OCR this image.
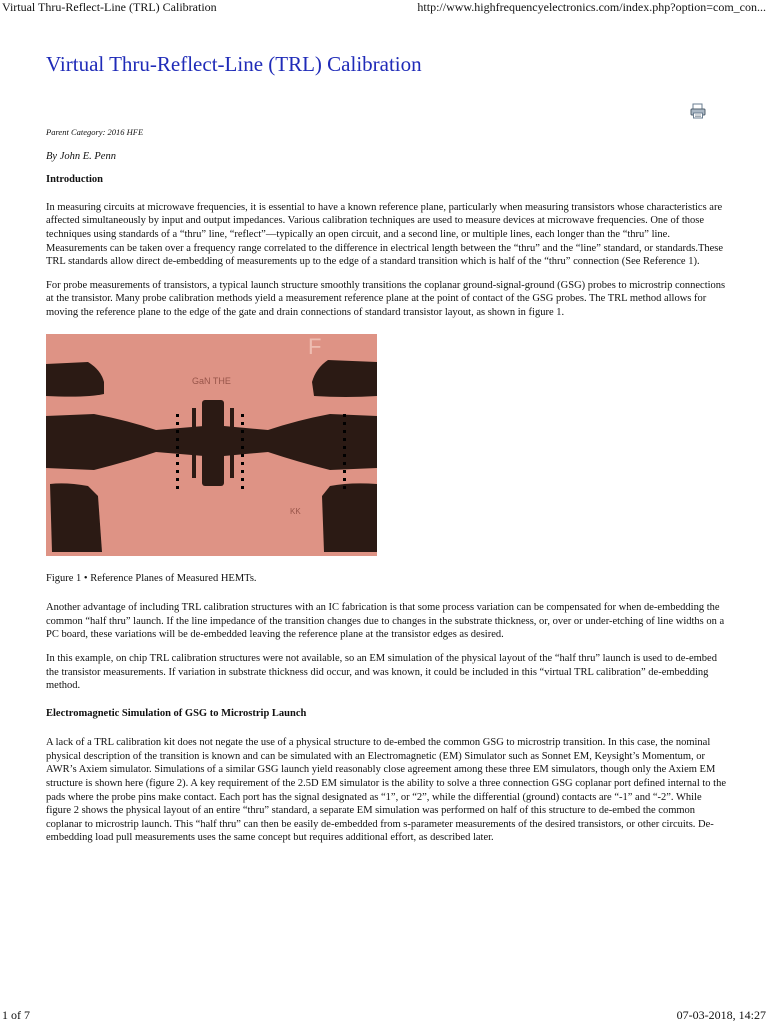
Virtual Thru-Reflect-Line (TRL) Calibration	http://www.highfrequencyelectronics.com/index.php?option=com_con...
Virtual Thru-Reflect-Line (TRL) Calibration

Parent Category: 2016 HFE

By John E. Penn

Introduction

In measuring circuits at microwave frequencies, it is essential to have a known reference plane, particularly when measuring transistors whose characteristics are affected simultaneously by input and output impedances. Various calibration techniques are used to measure devices at microwave frequencies. One of those techniques using standards of a “thru” line, “reflect”—typically an open circuit, and a second line, or multiple lines, each longer than the “thru” line. Measurements can be taken over a frequency range correlated to the difference in electrical length between the “thru” and the “line” standard, or standards.These TRL standards allow direct de-embedding of measurements up to the edge of a standard transition which is half of the “thru” connection (See Reference 1).

For probe measurements of transistors, a typical launch structure smoothly transitions the coplanar ground-signal-ground (GSG) probes to microstrip connections at the transistor. Many probe calibration methods yield a measurement reference plane at the point of contact of the GSG probes. The TRL method allows for moving the reference plane to the edge of the gate and drain connections of standard transistor layout, as shown in figure 1.

F
GaN THE
KK

Figure 1 • Reference Planes of Measured HEMTs.

Another advantage of including TRL calibration structures with an IC fabrication is that some process variation can be compensated for when de-embedding the common “half thru” launch. If the line impedance of the transition changes due to changes in the substrate thickness, or, over or under-etching of line widths on a PC board, these variations will be de-embedded leaving the reference plane at the transistor edges as desired.

In this example, on chip TRL calibration structures were not available, so an EM simulation of the physical layout of the “half thru” launch is used to de-embed the transistor measurements. If variation in substrate thickness did occur, and was known, it could be included in this “virtual TRL calibration” de-embedding method.

Electromagnetic Simulation of GSG to Microstrip Launch

A lack of a TRL calibration kit does not negate the use of a physical structure to de-embed the common GSG to microstrip transition. In this case, the nominal physical description of the transition is known and can be simulated with an Electromagnetic (EM) Simulator such as Sonnet EM, Keysight’s Momentum, or AWR’s Axiem simulator. Simulations of a similar GSG launch yield reasonably close agreement among these three EM simulators, though only the Axiem EM structure is shown here (figure 2). A key requirement of the 2.5D EM simulator is the ability to solve a three connection GSG coplanar port defined internal to the pads where the probe pins make contact. Each port has the signal designated as “1”, or “2”, while the differential (ground) contacts are “-1” and “-2”. While figure 2 shows the physical layout of an entire “thru” standard, a separate EM simulation was performed on half of this structure to de-embed the common coplanar to microstrip launch. This “half thru” can then be easily de-embedded from s-parameter measurements of the desired transistors, or other circuits. De-embedding load pull measurements uses the same concept but requires additional effort, as described later.

1 of 7	07-03-2018, 14:27
